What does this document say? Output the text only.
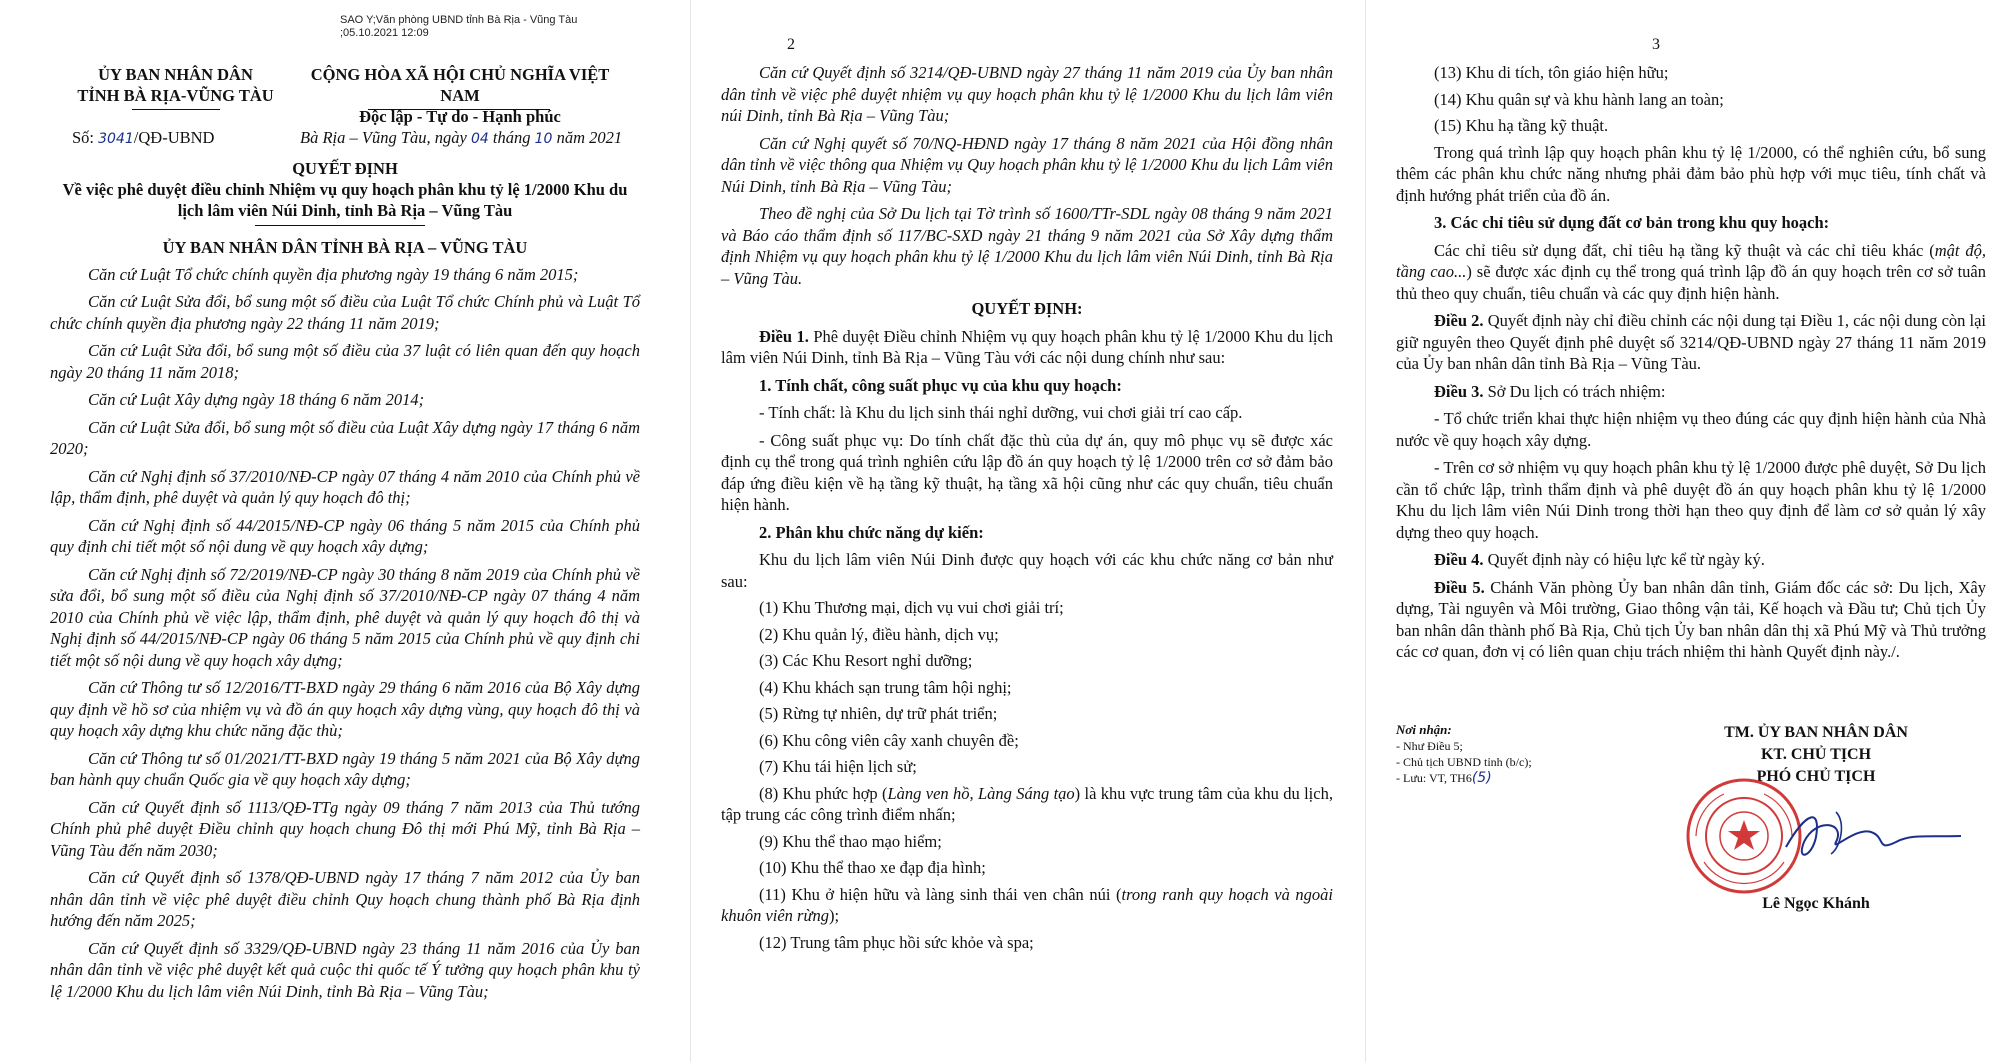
SAO Y;Văn phòng UBND tỉnh Bà Rịa - Vũng Tàu
;05.10.2021 12:09
ỦY BAN NHÂN DÂN
TỈNH BÀ RỊA-VŨNG TÀU
CỘNG HÒA XÃ HỘI CHỦ NGHĨA VIỆT NAM
Độc lập - Tự do - Hạnh phúc
Số: 3041/QĐ-UBND	Bà Rịa – Vũng Tàu, ngày 04 tháng 10 năm 2021
QUYẾT ĐỊNH
Về việc phê duyệt điều chỉnh Nhiệm vụ quy hoạch phân khu tỷ lệ 1/2000 Khu du lịch lâm viên Núi Dinh, tỉnh Bà Rịa – Vũng Tàu

ỦY BAN NHÂN DÂN TỈNH BÀ RỊA – VŨNG TÀU

Căn cứ Luật Tổ chức chính quyền địa phương ngày 19 tháng 6 năm 2015;

Căn cứ Luật Sửa đổi, bổ sung một số điều của Luật Tổ chức Chính phủ và Luật Tổ chức chính quyền địa phương ngày 22 tháng 11 năm 2019;

Căn cứ Luật Sửa đổi, bổ sung một số điều của 37 luật có liên quan đến quy hoạch ngày 20 tháng 11 năm 2018;

Căn cứ Luật Xây dựng ngày 18 tháng 6 năm 2014;

Căn cứ Luật Sửa đổi, bổ sung một số điều của Luật Xây dựng ngày 17 tháng 6 năm 2020;

Căn cứ Nghị định số 37/2010/NĐ-CP ngày 07 tháng 4 năm 2010 của Chính phủ về lập, thẩm định, phê duyệt và quản lý quy hoạch đô thị;

Căn cứ Nghị định số 44/2015/NĐ-CP ngày 06 tháng 5 năm 2015 của Chính phủ quy định chi tiết một số nội dung về quy hoạch xây dựng;

Căn cứ Nghị định số 72/2019/NĐ-CP ngày 30 tháng 8 năm 2019 của Chính phủ về sửa đổi, bổ sung một số điều của Nghị định số 37/2010/NĐ-CP ngày 07 tháng 4 năm 2010 của Chính phủ về việc lập, thẩm định, phê duyệt và quản lý quy hoạch đô thị và Nghị định số 44/2015/NĐ-CP ngày 06 tháng 5 năm 2015 của Chính phủ về quy định chi tiết một số nội dung về quy hoạch xây dựng;

Căn cứ Thông tư số 12/2016/TT-BXD ngày 29 tháng 6 năm 2016 của Bộ Xây dựng quy định về hồ sơ của nhiệm vụ và đồ án quy hoạch xây dựng vùng, quy hoạch đô thị và quy hoạch xây dựng khu chức năng đặc thù;

Căn cứ Thông tư số 01/2021/TT-BXD ngày 19 tháng 5 năm 2021 của Bộ Xây dựng ban hành quy chuẩn Quốc gia về quy hoạch xây dựng;

Căn cứ Quyết định số 1113/QĐ-TTg ngày 09 tháng 7 năm 2013 của Thủ tướng Chính phủ phê duyệt Điều chỉnh quy hoạch chung Đô thị mới Phú Mỹ, tỉnh Bà Rịa – Vũng Tàu đến năm 2030;

Căn cứ Quyết định số 1378/QĐ-UBND ngày 17 tháng 7 năm 2012 của Ủy ban nhân dân tỉnh về việc phê duyệt điều chỉnh Quy hoạch chung thành phố Bà Rịa định hướng đến năm 2025;

Căn cứ Quyết định số 3329/QĐ-UBND ngày 23 tháng 11 năm 2016 của Ủy ban nhân dân tỉnh về việc phê duyệt kết quả cuộc thi quốc tế Ý tưởng quy hoạch phân khu tỷ lệ 1/2000 Khu du lịch lâm viên Núi Dinh, tỉnh Bà Rịa – Vũng Tàu;

2

Căn cứ Quyết định số 3214/QĐ-UBND ngày 27 tháng 11 năm 2019 của Ủy ban nhân dân tỉnh về việc phê duyệt nhiệm vụ quy hoạch phân khu tỷ lệ 1/2000 Khu du lịch lâm viên núi Dinh, tỉnh Bà Rịa – Vũng Tàu;

Căn cứ Nghị quyết số 70/NQ-HĐND ngày 17 tháng 8 năm 2021 của Hội đồng nhân dân tỉnh về việc thông qua Nhiệm vụ Quy hoạch phân khu tỷ lệ 1/2000 Khu du lịch Lâm viên Núi Dinh, tỉnh Bà Rịa – Vũng Tàu;

Theo đề nghị của Sở Du lịch tại Tờ trình số 1600/TTr-SDL ngày 08 tháng 9 năm 2021 và Báo cáo thẩm định số 117/BC-SXD ngày 21 tháng 9 năm 2021 của Sở Xây dựng thẩm định Nhiệm vụ quy hoạch phân khu tỷ lệ 1/2000 Khu du lịch lâm viên Núi Dinh, tỉnh Bà Rịa – Vũng Tàu.

QUYẾT ĐỊNH:

Điều 1. Phê duyệt Điều chỉnh Nhiệm vụ quy hoạch phân khu tỷ lệ 1/2000 Khu du lịch lâm viên Núi Dinh, tỉnh Bà Rịa – Vũng Tàu với các nội dung chính như sau:

1. Tính chất, công suất phục vụ của khu quy hoạch:

- Tính chất: là Khu du lịch sinh thái nghỉ dưỡng, vui chơi giải trí cao cấp.

- Công suất phục vụ: Do tính chất đặc thù của dự án, quy mô phục vụ sẽ được xác định cụ thể trong quá trình nghiên cứu lập đồ án quy hoạch tỷ lệ 1/2000 trên cơ sở đảm bảo đáp ứng điều kiện về hạ tầng kỹ thuật, hạ tầng xã hội cũng như các quy chuẩn, tiêu chuẩn hiện hành.

2. Phân khu chức năng dự kiến:

Khu du lịch lâm viên Núi Dinh được quy hoạch với các khu chức năng cơ bản như sau:

(1) Khu Thương mại, dịch vụ vui chơi giải trí;

(2) Khu quản lý, điều hành, dịch vụ;

(3) Các Khu Resort nghỉ dưỡng;

(4) Khu khách sạn trung tâm hội nghị;

(5) Rừng tự nhiên, dự trữ phát triển;

(6) Khu công viên cây xanh chuyên đề;

(7) Khu tái hiện lịch sử;

(8) Khu phức hợp (Làng ven hồ, Làng Sáng tạo) là khu vực trung tâm của khu du lịch, tập trung các công trình điểm nhấn;

(9) Khu thể thao mạo hiểm;

(10) Khu thể thao xe đạp địa hình;

(11) Khu ở hiện hữu và làng sinh thái ven chân núi (trong ranh quy hoạch và ngoài khuôn viên rừng);

(12) Trung tâm phục hồi sức khỏe và spa;

3

(13) Khu di tích, tôn giáo hiện hữu;

(14) Khu quân sự và khu hành lang an toàn;

(15) Khu hạ tầng kỹ thuật.

Trong quá trình lập quy hoạch phân khu tỷ lệ 1/2000, có thể nghiên cứu, bổ sung thêm các phân khu chức năng nhưng phải đảm bảo phù hợp với mục tiêu, tính chất và định hướng phát triển của đồ án.

3. Các chỉ tiêu sử dụng đất cơ bản trong khu quy hoạch:

Các chỉ tiêu sử dụng đất, chỉ tiêu hạ tầng kỹ thuật và các chỉ tiêu khác (mật độ, tầng cao...) sẽ được xác định cụ thể trong quá trình lập đồ án quy hoạch trên cơ sở tuân thủ theo quy chuẩn, tiêu chuẩn và các quy định hiện hành.

Điều 2. Quyết định này chỉ điều chỉnh các nội dung tại Điều 1, các nội dung còn lại giữ nguyên theo Quyết định phê duyệt số 3214/QĐ-UBND ngày 27 tháng 11 năm 2019 của Ủy ban nhân dân tỉnh Bà Rịa – Vũng Tàu.

Điều 3. Sở Du lịch có trách nhiệm:

- Tổ chức triển khai thực hiện nhiệm vụ theo đúng các quy định hiện hành của Nhà nước về quy hoạch xây dựng.

- Trên cơ sở nhiệm vụ quy hoạch phân khu tỷ lệ 1/2000 được phê duyệt, Sở Du lịch cần tổ chức lập, trình thẩm định và phê duyệt đồ án quy hoạch phân khu tỷ lệ 1/2000 Khu du lịch lâm viên Núi Dinh trong thời hạn theo quy định để làm cơ sở quản lý xây dựng theo quy hoạch.

Điều 4. Quyết định này có hiệu lực kể từ ngày ký.

Điều 5. Chánh Văn phòng Ủy ban nhân dân tỉnh, Giám đốc các sở: Du lịch, Xây dựng, Tài nguyên và Môi trường, Giao thông vận tải, Kế hoạch và Đầu tư; Chủ tịch Ủy ban nhân dân thành phố Bà Rịa, Chủ tịch Ủy ban nhân dân thị xã Phú Mỹ và Thủ trưởng các cơ quan, đơn vị có liên quan chịu trách nhiệm thi hành Quyết định này./.

Nơi nhận:
- Như Điều 5;
- Chủ tịch UBND tỉnh (b/c);
- Lưu: VT, TH6(5)
TM. ỦY BAN NHÂN DÂN
KT. CHỦ TỊCH
PHÓ CHỦ TỊCH
Lê Ngọc Khánh
